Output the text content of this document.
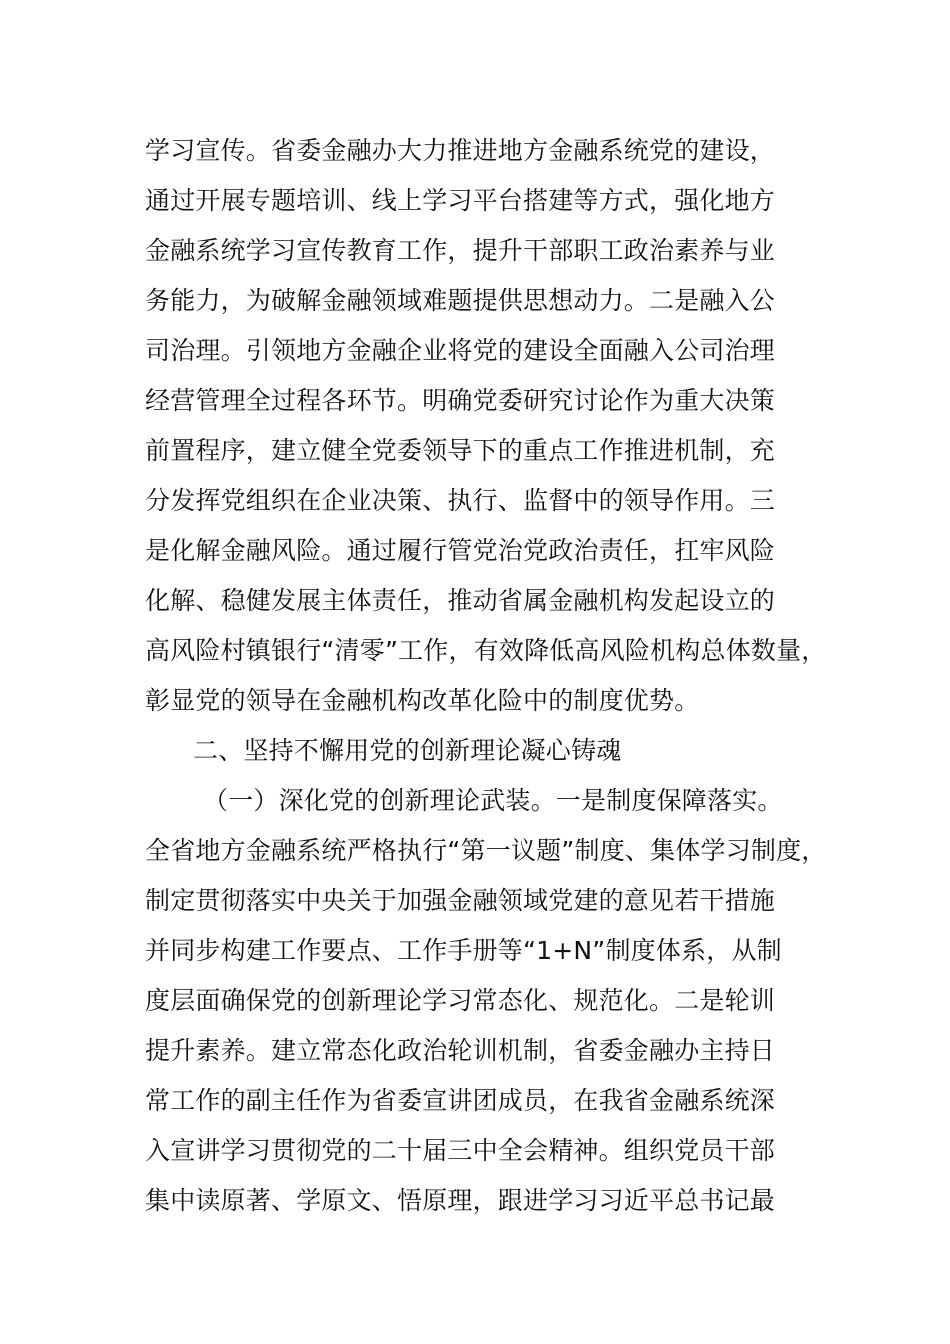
学习宣传。省委金融办大力推进地方金融系统党的建设，
通过开展专题培训、线上学习平台搭建等方式，强化地方
金融系统学习宣传教育工作，提升干部职工政治素养与业
务能力，为破解金融领域难题提供思想动力。二是融入公
司治理。引领地方金融企业将党的建设全面融入公司治理
经营管理全过程各环节。明确党委研究讨论作为重大决策
前置程序，建立健全党委领导下的重点工作推进机制，充
分发挥党组织在企业决策、执行、监督中的领导作用。三
是化解金融风险。通过履行管党治党政治责任，扛牢风险
化解、稳健发展主体责任，推动省属金融机构发起设立的
高风险村镇银行“清零”工作，有效降低高风险机构总体数量，
彰显党的领导在金融机构改革化险中的制度优势。
二、坚持不懈用党的创新理论凝心铸魂
（一）深化党的创新理论武装。一是制度保障落实。
全省地方金融系统严格执行“第一议题”制度、集体学习制度，
制定贯彻落实中央关于加强金融领域党建的意见若干措施
并同步构建工作要点、工作手册等“1+N”制度体系，从制
度层面确保党的创新理论学习常态化、规范化。二是轮训
提升素养。建立常态化政治轮训机制，省委金融办主持日
常工作的副主任作为省委宣讲团成员，在我省金融系统深
入宣讲学习贯彻党的二十届三中全会精神。组织党员干部
集中读原著、学原文、悟原理，跟进学习习近平总书记最
